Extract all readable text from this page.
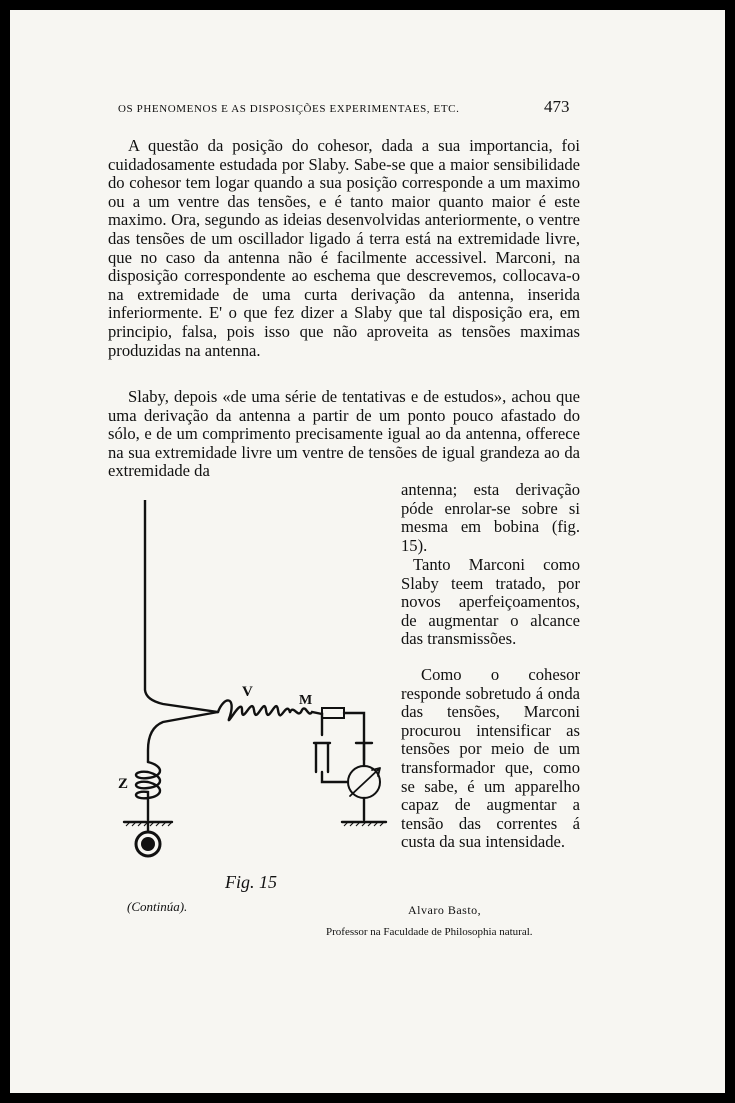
OS PHENOMENOS E AS DISPOSIÇÕES EXPERIMENTAES, ETC.	473

A questão da posição do cohesor, dada a sua importancia, foi cuidadosamente estudada por Slaby. Sabe-se que a maior sensibilidade do cohesor tem logar quando a sua posição corresponde a um maximo ou a um ventre das tensões, e é tanto maior quanto maior é este maximo. Ora, segundo as ideias desenvolvidas anteriormente, o ventre das tensões de um oscillador ligado á terra está na extremidade livre, que no caso da antenna não é facilmente accessivel. Marconi, na disposição correspondente ao eschema que descrevemos, collocava-o na extremidade de uma curta derivação da antenna, inserida inferiormente. E' o que fez dizer a Slaby que tal disposição era, em principio, falsa, pois isso que não aproveita as tensões maximas produzidas na antenna.

Slaby, depois «de uma série de tentativas e de estudos», achou que uma derivação da antenna a partir de um ponto pouco afastado do sólo, e de um comprimento precisamente igual ao da antenna, offerece na sua extremidade livre um ventre de tensões de igual grandeza ao da extremidade da

antenna; esta derivação póde enrolar-se sobre si mesma em bobina (fig. 15).

Tanto Marconi como Slaby teem tratado, por novos aperfeiçoamentos, de augmentar o alcance das transmissões.

Como o cohesor responde sobretudo á onda das tensões, Marconi procurou intensificar as tensões por meio de um transformador que, como se sabe, é um apparelho capaz de augmentar a tensão das correntes á custa da sua intensidade.

V
M
Z
Fig. 15
(Continúa).	Alvaro Basto,
Professor na Faculdade de Philosophia natural.
